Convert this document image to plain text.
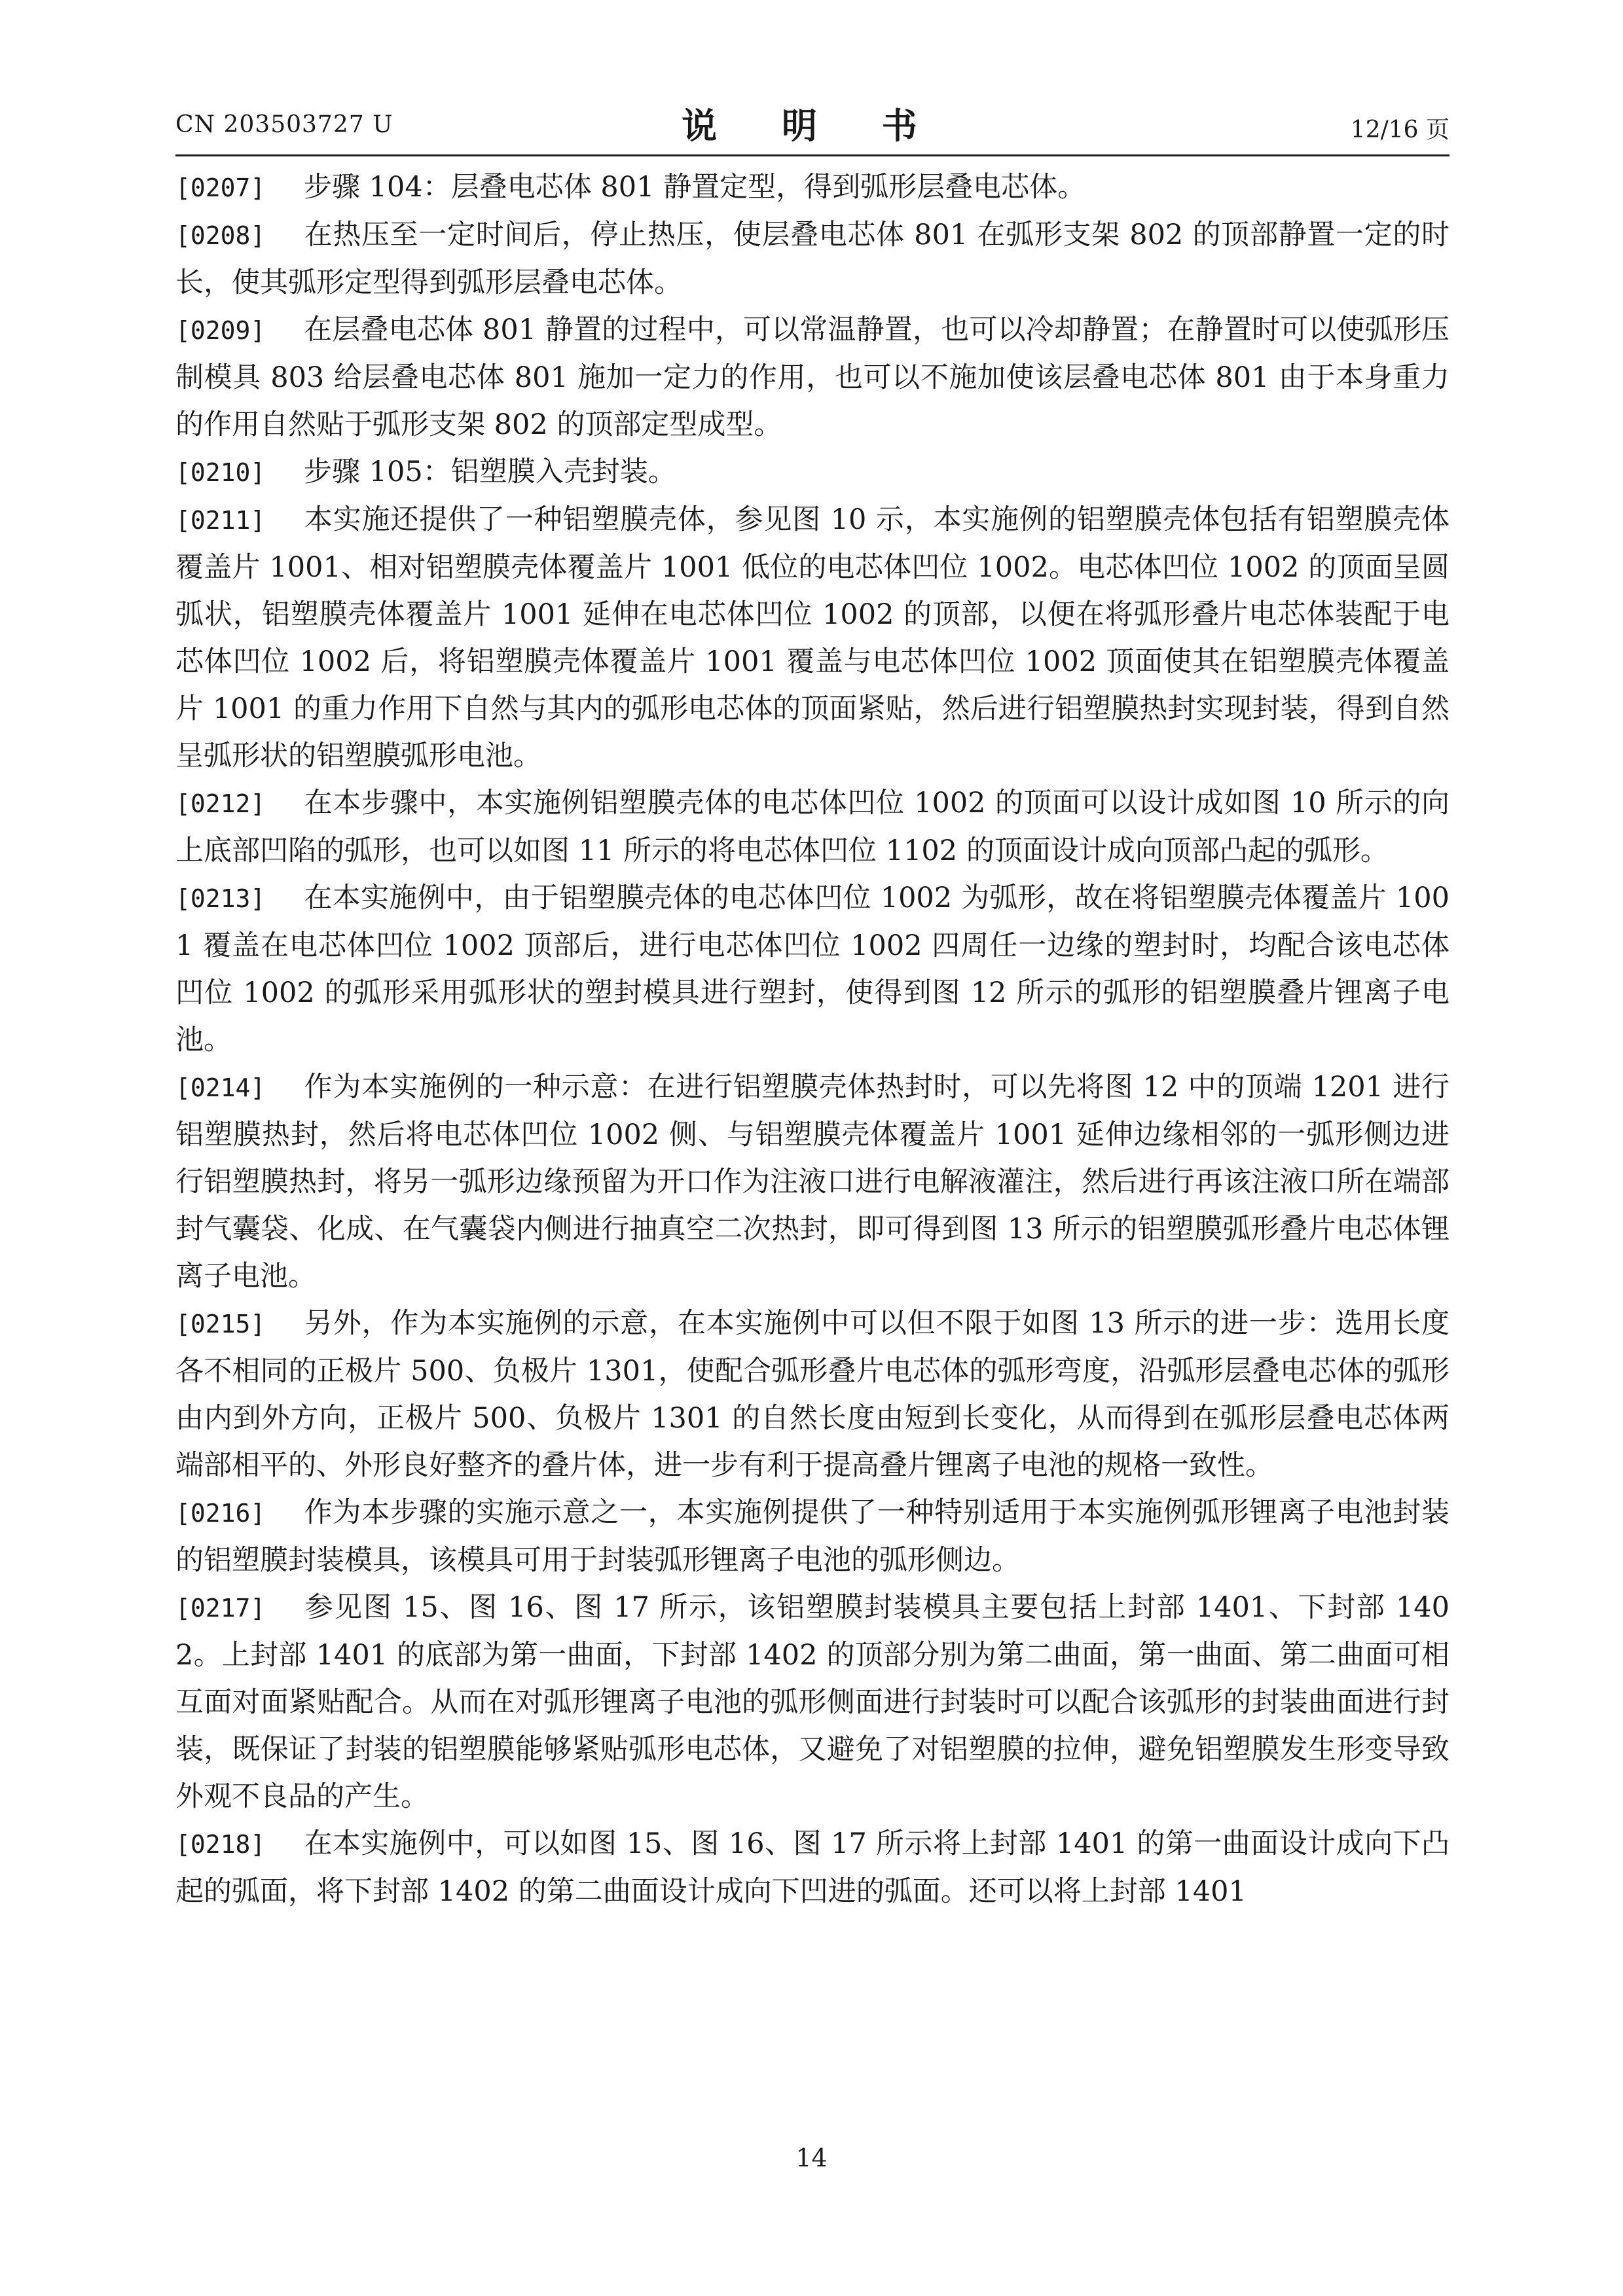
CN 203503727 U	说 明 书	12/16 页

[0207] 步骤 104：层叠电芯体 801 静置定型，得到弧形层叠电芯体。

[0208] 在热压至一定时间后，停止热压，使层叠电芯体 801 在弧形支架 802 的顶部静置一定的时长，使其弧形定型得到弧形层叠电芯体。

[0209] 在层叠电芯体 801 静置的过程中，可以常温静置，也可以冷却静置；在静置时可以使弧形压制模具 803 给层叠电芯体 801 施加一定力的作用，也可以不施加使该层叠电芯体 801 由于本身重力的作用自然贴于弧形支架 802 的顶部定型成型。

[0210] 步骤 105：铝塑膜入壳封装。

[0211] 本实施还提供了一种铝塑膜壳体，参见图 10 示，本实施例的铝塑膜壳体包括有铝塑膜壳体覆盖片 1001、相对铝塑膜壳体覆盖片 1001 低位的电芯体凹位 1002。电芯体凹位 1002 的顶面呈圆弧状，铝塑膜壳体覆盖片 1001 延伸在电芯体凹位 1002 的顶部，以便在将弧形叠片电芯体装配于电芯体凹位 1002 后，将铝塑膜壳体覆盖片 1001 覆盖与电芯体凹位 1002 顶面使其在铝塑膜壳体覆盖片 1001 的重力作用下自然与其内的弧形电芯体的顶面紧贴，然后进行铝塑膜热封实现封装，得到自然呈弧形状的铝塑膜弧形电池。

[0212] 在本步骤中，本实施例铝塑膜壳体的电芯体凹位 1002 的顶面可以设计成如图 10 所示的向上底部凹陷的弧形，也可以如图 11 所示的将电芯体凹位 1102 的顶面设计成向顶部凸起的弧形。

[0213] 在本实施例中，由于铝塑膜壳体的电芯体凹位 1002 为弧形，故在将铝塑膜壳体覆盖片 1001 覆盖在电芯体凹位 1002 顶部后，进行电芯体凹位 1002 四周任一边缘的塑封时，均配合该电芯体凹位 1002 的弧形采用弧形状的塑封模具进行塑封，使得到图 12 所示的弧形的铝塑膜叠片锂离子电池。

[0214] 作为本实施例的一种示意：在进行铝塑膜壳体热封时，可以先将图 12 中的顶端 1201 进行铝塑膜热封，然后将电芯体凹位 1002 侧、与铝塑膜壳体覆盖片 1001 延伸边缘相邻的一弧形侧边进行铝塑膜热封，将另一弧形边缘预留为开口作为注液口进行电解液灌注，然后进行再该注液口所在端部封气囊袋、化成、在气囊袋内侧进行抽真空二次热封，即可得到图 13 所示的铝塑膜弧形叠片电芯体锂离子电池。

[0215] 另外，作为本实施例的示意，在本实施例中可以但不限于如图 13 所示的进一步：选用长度各不相同的正极片 500、负极片 1301，使配合弧形叠片电芯体的弧形弯度，沿弧形层叠电芯体的弧形由内到外方向，正极片 500、负极片 1301 的自然长度由短到长变化，从而得到在弧形层叠电芯体两端部相平的、外形良好整齐的叠片体，进一步有利于提高叠片锂离子电池的规格一致性。

[0216] 作为本步骤的实施示意之一，本实施例提供了一种特别适用于本实施例弧形锂离子电池封装的铝塑膜封装模具，该模具可用于封装弧形锂离子电池的弧形侧边。

[0217] 参见图 15、图 16、图 17 所示，该铝塑膜封装模具主要包括上封部 1401、下封部 1402。上封部 1401 的底部为第一曲面，下封部 1402 的顶部分别为第二曲面，第一曲面、第二曲面可相互面对面紧贴配合。从而在对弧形锂离子电池的弧形侧面进行封装时可以配合该弧形的封装曲面进行封装，既保证了封装的铝塑膜能够紧贴弧形电芯体，又避免了对铝塑膜的拉伸，避免铝塑膜发生形变导致外观不良品的产生。

[0218] 在本实施例中，可以如图 15、图 16、图 17 所示将上封部 1401 的第一曲面设计成向下凸起的弧面，将下封部 1402 的第二曲面设计成向下凹进的弧面。还可以将上封部 1401

14
